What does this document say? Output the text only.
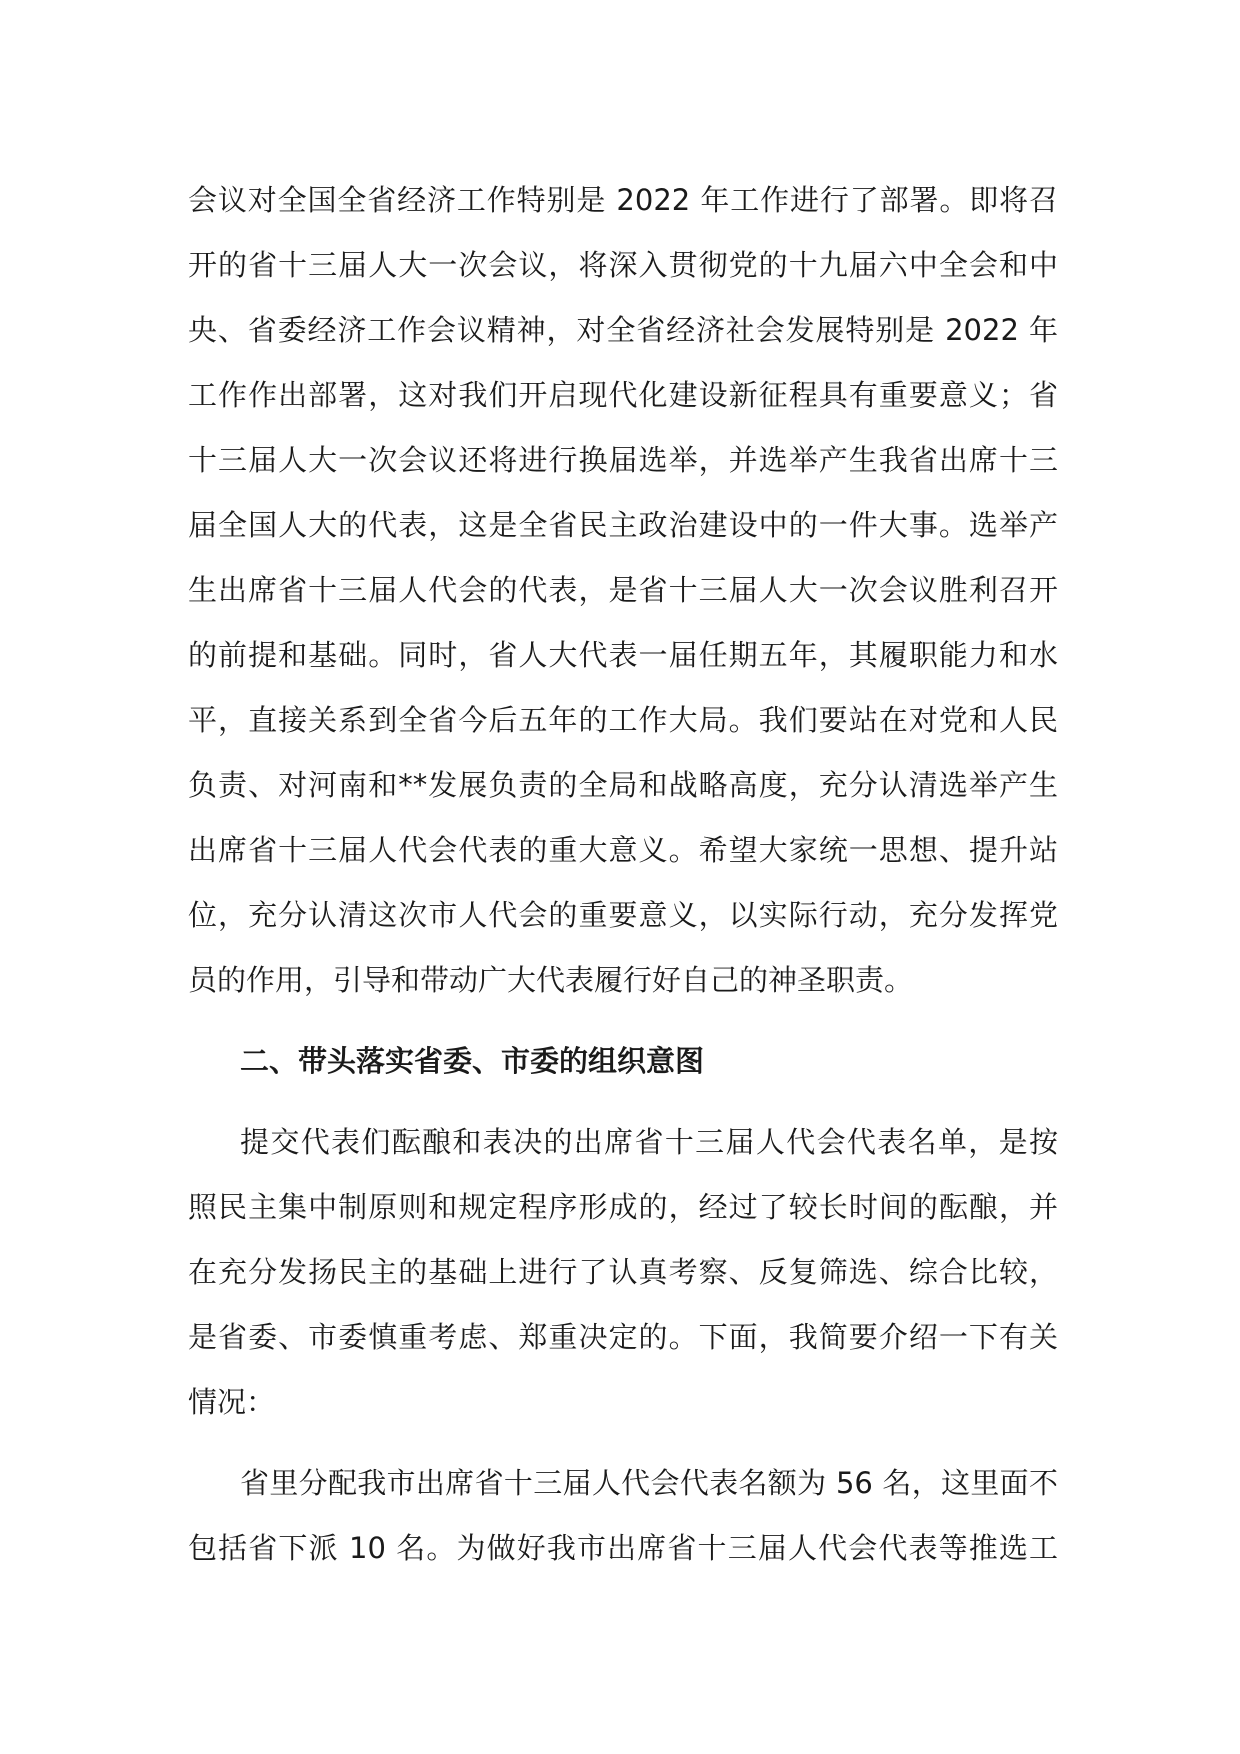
会议对全国全省经济工作特别是 2022 年工作进行了部署。即将召
开的省十三届人大一次会议，将深入贯彻党的十九届六中全会和中
央、省委经济工作会议精神，对全省经济社会发展特别是 2022 年
工作作出部署，这对我们开启现代化建设新征程具有重要意义；省
十三届人大一次会议还将进行换届选举，并选举产生我省出席十三
届全国人大的代表，这是全省民主政治建设中的一件大事。选举产
生出席省十三届人代会的代表，是省十三届人大一次会议胜利召开
的前提和基础。同时，省人大代表一届任期五年，其履职能力和水
平，直接关系到全省今后五年的工作大局。我们要站在对党和人民
负责、对河南和**发展负责的全局和战略高度，充分认清选举产生
出席省十三届人代会代表的重大意义。希望大家统一思想、提升站
位，充分认清这次市人代会的重要意义，以实际行动，充分发挥党
员的作用，引导和带动广大代表履行好自己的神圣职责。
二、带头落实省委、市委的组织意图
提交代表们酝酿和表决的出席省十三届人代会代表名单，是按
照民主集中制原则和规定程序形成的，经过了较长时间的酝酿，并
在充分发扬民主的基础上进行了认真考察、反复筛选、综合比较，
是省委、市委慎重考虑、郑重决定的。下面，我简要介绍一下有关
情况：
省里分配我市出席省十三届人代会代表名额为 56 名，这里面不
包括省下派 10 名。为做好我市出席省十三届人代会代表等推选工
